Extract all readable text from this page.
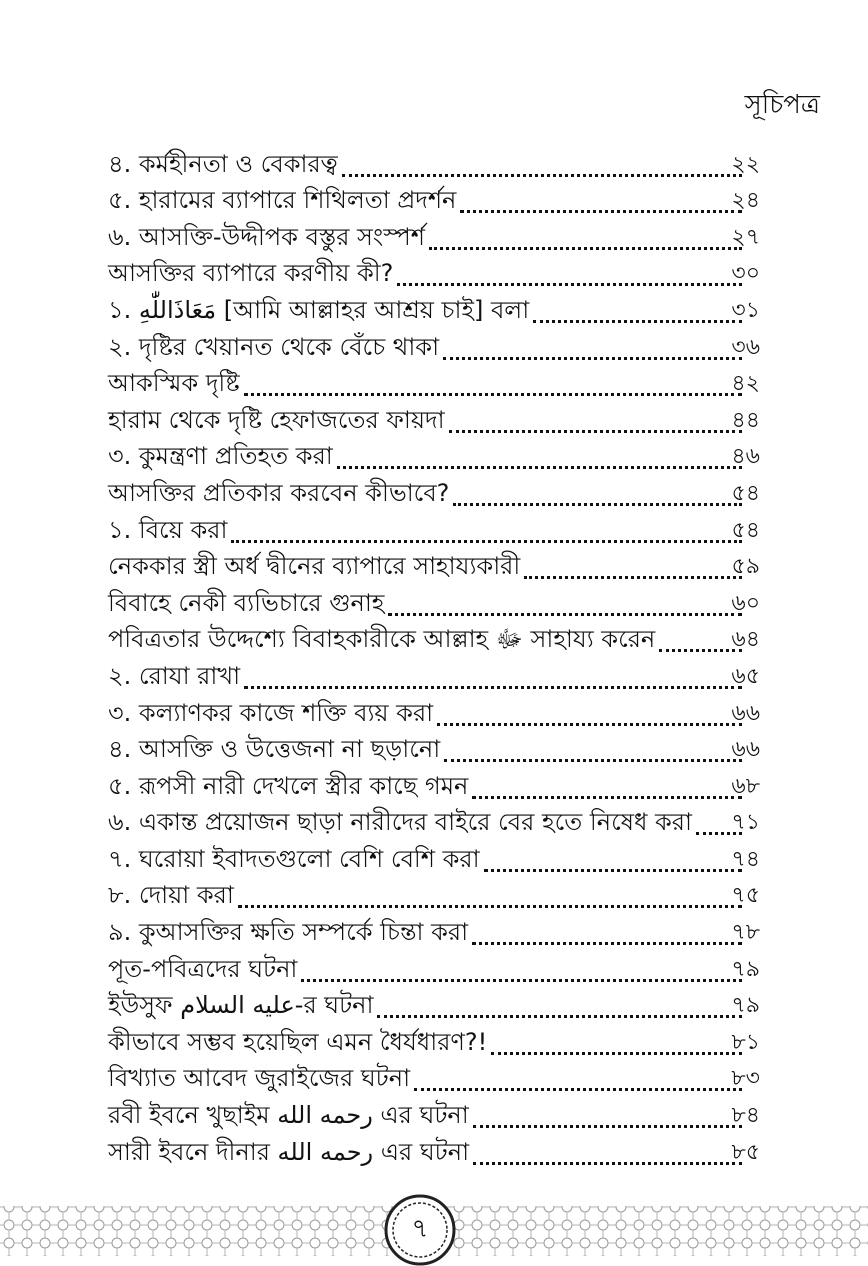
সূচিপত্র
৪. কর্মহীনতা ও বেকারত্ব	২২
৫. হারামের ব্যাপারে শিথিলতা প্রদর্শন	২৪
৬. আসক্তি-উদ্দীপক বস্তুর সংস্পর্শ	২৭
আসক্তির ব্যাপারে করণীয় কী?	৩০
১. مَعَاذَاللّٰهِ [আমি আল্লাহর আশ্রয় চাই] বলা	৩১
২. দৃষ্টির খেয়ানত থেকে বেঁচে থাকা	৩৬
আকস্মিক দৃষ্টি	৪২
হারাম থেকে দৃষ্টি হেফাজতের ফায়দা	৪৪
৩. কুমন্ত্রণা প্রতিহত করা	৪৬
আসক্তির প্রতিকার করবেন কীভাবে?	৫৪
১. বিয়ে করা	৫৪
নেককার স্ত্রী অর্ধ দ্বীনের ব্যাপারে সাহায্যকারী	৫৯
বিবাহে নেকী ব্যভিচারে গুনাহ	৬০
পবিত্রতার উদ্দেশ্যে বিবাহকারীকে আল্লাহ ﷻ সাহায্য করেন	৬৪
২. রোযা রাখা	৬৫
৩. কল্যাণকর কাজে শক্তি ব্যয় করা	৬৬
৪. আসক্তি ও উত্তেজনা না ছড়ানো	৬৬
৫. রূপসী নারী দেখলে স্ত্রীর কাছে গমন	৬৮
৬. একান্ত প্রয়োজন ছাড়া নারীদের বাইরে বের হতে নিষেধ করা	৭১
৭. ঘরোয়া ইবাদতগুলো বেশি বেশি করা	৭৪
৮. দোয়া করা	৭৫
৯. কুআসক্তির ক্ষতি সম্পর্কে চিন্তা করা	৭৮
পূত-পবিত্রদের ঘটনা	৭৯
ইউসুফ عليه السلام-র ঘটনা	৭৯
কীভাবে সম্ভব হয়েছিল এমন ধৈর্যধারণ?!	৮১
বিখ্যাত আবেদ জুরাইজের ঘটনা	৮৩
রবী ইবনে খুছাইম رحمه الله এর ঘটনা	৮৪
সারী ইবনে দীনার رحمه الله এর ঘটনা	৮৫
৭
